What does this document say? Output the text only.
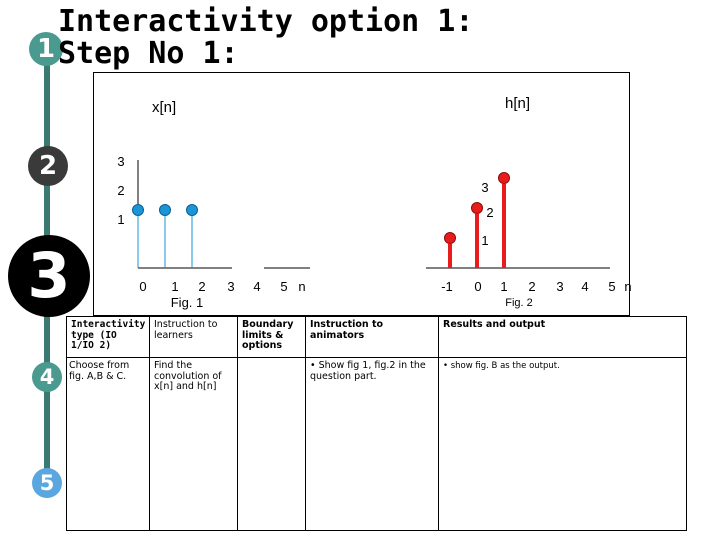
1
2
3
4
5
Interactivity option 1:
Step No 1:
x[n]	h[n]
1
2
3
0 1 2 3 4 5 n
Fig. 1
-1 0 1 2 3 4 5 n
1
2
3
Fig. 2
Interactivity type (IO 1/IO 2)	Instruction to learners	Boundary limits & options	Instruction to animators	Results and output
Choose from fig. A,B & C.	Find the convolution of x[n] and h[n]		• Show fig 1, fig.2 in the question part.	• show fig. B as the output.
